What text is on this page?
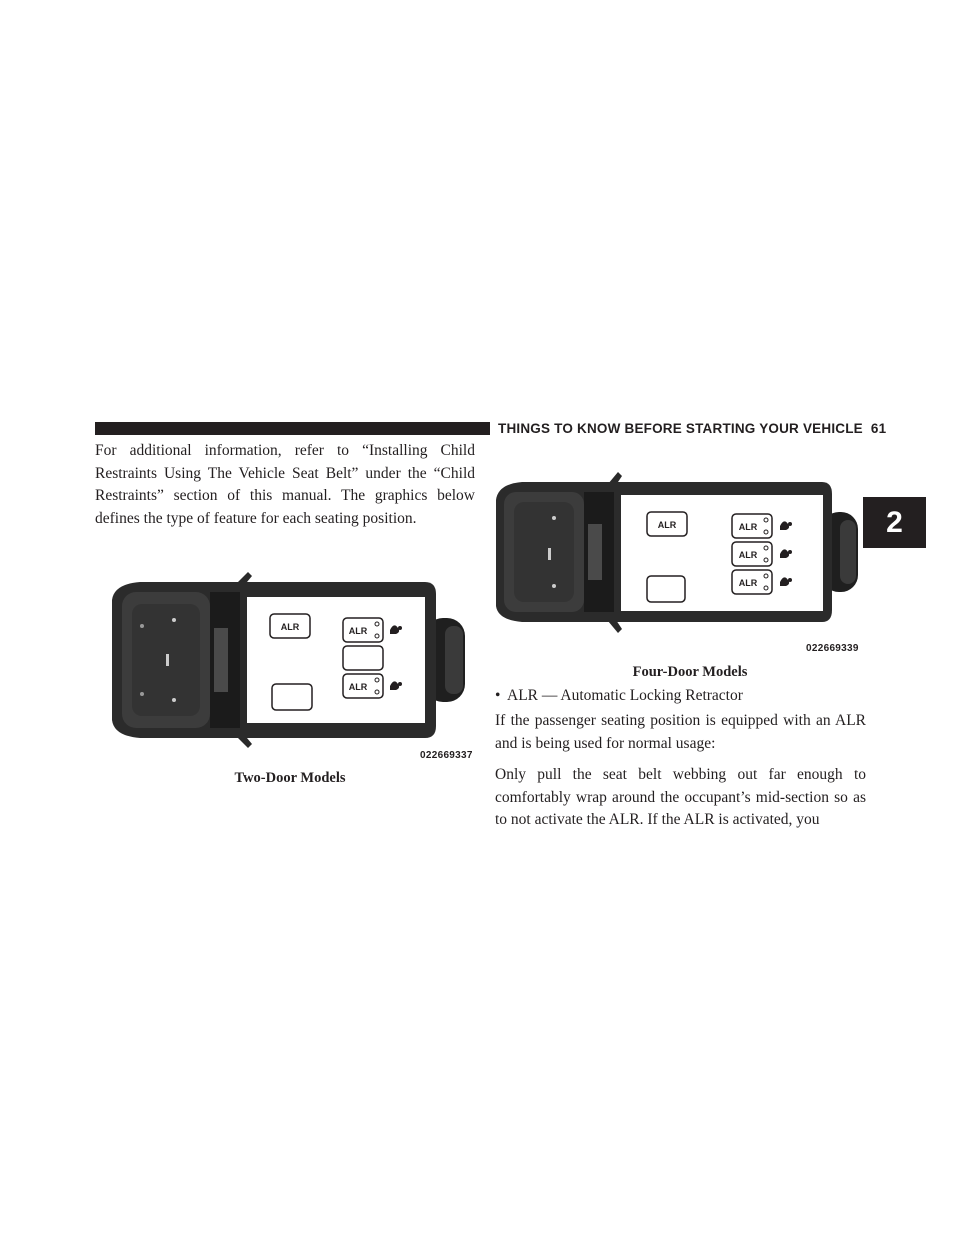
THINGS TO KNOW BEFORE STARTING YOUR VEHICLE 61
2

For additional information, refer to “Installing Child Restraints Using The Vehicle Seat Belt” under the “Child Restraints” section of this manual. The graphics below defines the type of feature for each seating position.

ALR	ALR
ALR
022669337
Two-Door Models
ALR	ALR
ALR
ALR
022669339
Four-Door Models
• ALR — Automatic Locking Retractor

If the passenger seating position is equipped with an ALR and is being used for normal usage:

Only pull the seat belt webbing out far enough to comfortably wrap around the occupant’s mid-section so as to not activate the ALR. If the ALR is activated, you
